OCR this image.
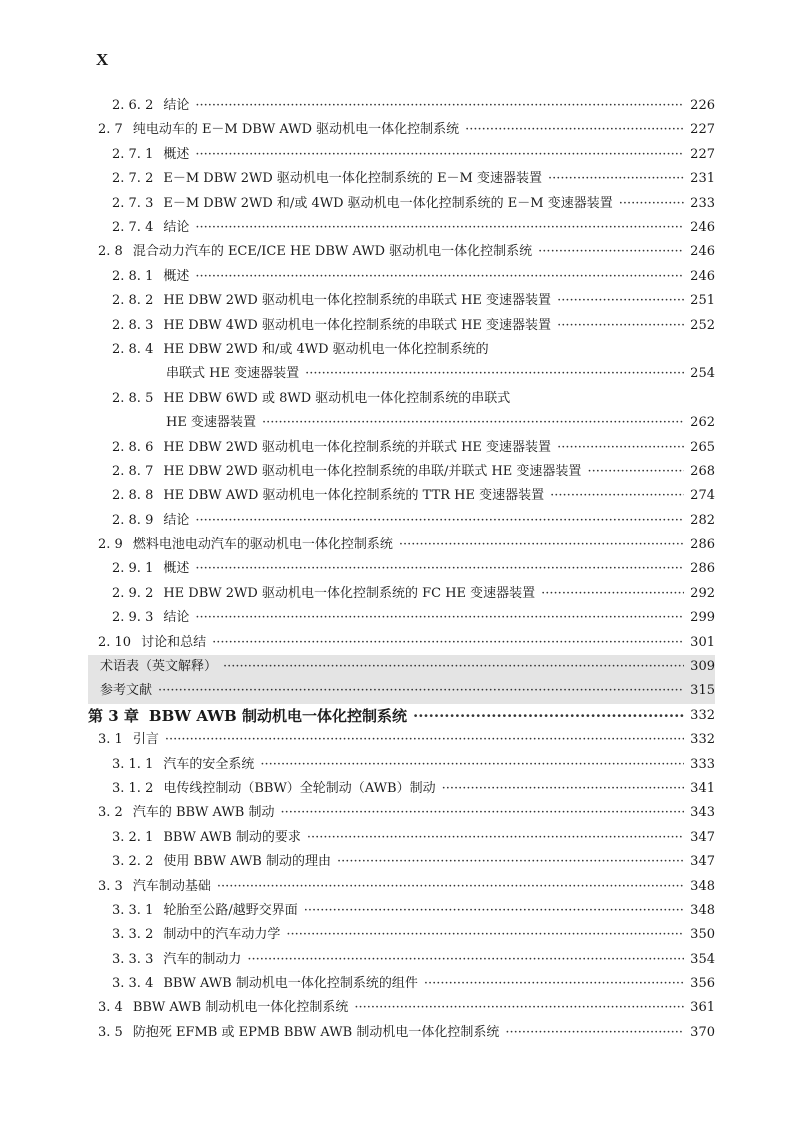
X
2. 6. 2 结论 ·····	226
2. 7 纯电动车的 E－M DBW AWD 驱动机电一体化控制系统 ·····	227
2. 7. 1 概述 ·····	227
2. 7. 2 E－M DBW 2WD 驱动机电一体化控制系统的 E－M 变速器装置 ·····	231
2. 7. 3 E－M DBW 2WD 和/或 4WD 驱动机电一体化控制系统的 E－M 变速器装置 ·····	233
2. 7. 4 结论 ·····	246
2. 8 混合动力汽车的 ECE/ICE HE DBW AWD 驱动机电一体化控制系统 ·····	246
2. 8. 1 概述 ·····	246
2. 8. 2 HE DBW 2WD 驱动机电一体化控制系统的串联式 HE 变速器装置 ·····	251
2. 8. 3 HE DBW 4WD 驱动机电一体化控制系统的串联式 HE 变速器装置 ·····	252
2. 8. 4 HE DBW 2WD 和/或 4WD 驱动机电一体化控制系统的
串联式 HE 变速器装置 ·····	254
2. 8. 5 HE DBW 6WD 或 8WD 驱动机电一体化控制系统的串联式
HE 变速器装置 ·····	262
2. 8. 6 HE DBW 2WD 驱动机电一体化控制系统的并联式 HE 变速器装置 ·····	265
2. 8. 7 HE DBW 2WD 驱动机电一体化控制系统的串联/并联式 HE 变速器装置 ·····	268
2. 8. 8 HE DBW AWD 驱动机电一体化控制系统的 TTR HE 变速器装置 ·····	274
2. 8. 9 结论 ·····	282
2. 9 燃料电池电动汽车的驱动机电一体化控制系统 ·····	286
2. 9. 1 概述 ·····	286
2. 9. 2 HE DBW 2WD 驱动机电一体化控制系统的 FC HE 变速器装置 ·····	292
2. 9. 3 结论 ·····	299
2. 10 讨论和总结 ·····	301
术语表（英文解释） ·····	309
参考文献 ·····	315
第 3 章 BBW AWB 制动机电一体化控制系统 ·····	332
3. 1 引言 ·····	332
3. 1. 1 汽车的安全系统 ·····	333
3. 1. 2 电传线控制动（BBW）全轮制动（AWB）制动 ·····	341
3. 2 汽车的 BBW AWB 制动 ·····	343
3. 2. 1 BBW AWB 制动的要求 ·····	347
3. 2. 2 使用 BBW AWB 制动的理由 ·····	347
3. 3 汽车制动基础 ·····	348
3. 3. 1 轮胎至公路/越野交界面 ·····	348
3. 3. 2 制动中的汽车动力学 ·····	350
3. 3. 3 汽车的制动力 ·····	354
3. 3. 4 BBW AWB 制动机电一体化控制系统的组件 ·····	356
3. 4 BBW AWB 制动机电一体化控制系统 ·····	361
3. 5 防抱死 EFMB 或 EPMB BBW AWB 制动机电一体化控制系统 ·····	370
